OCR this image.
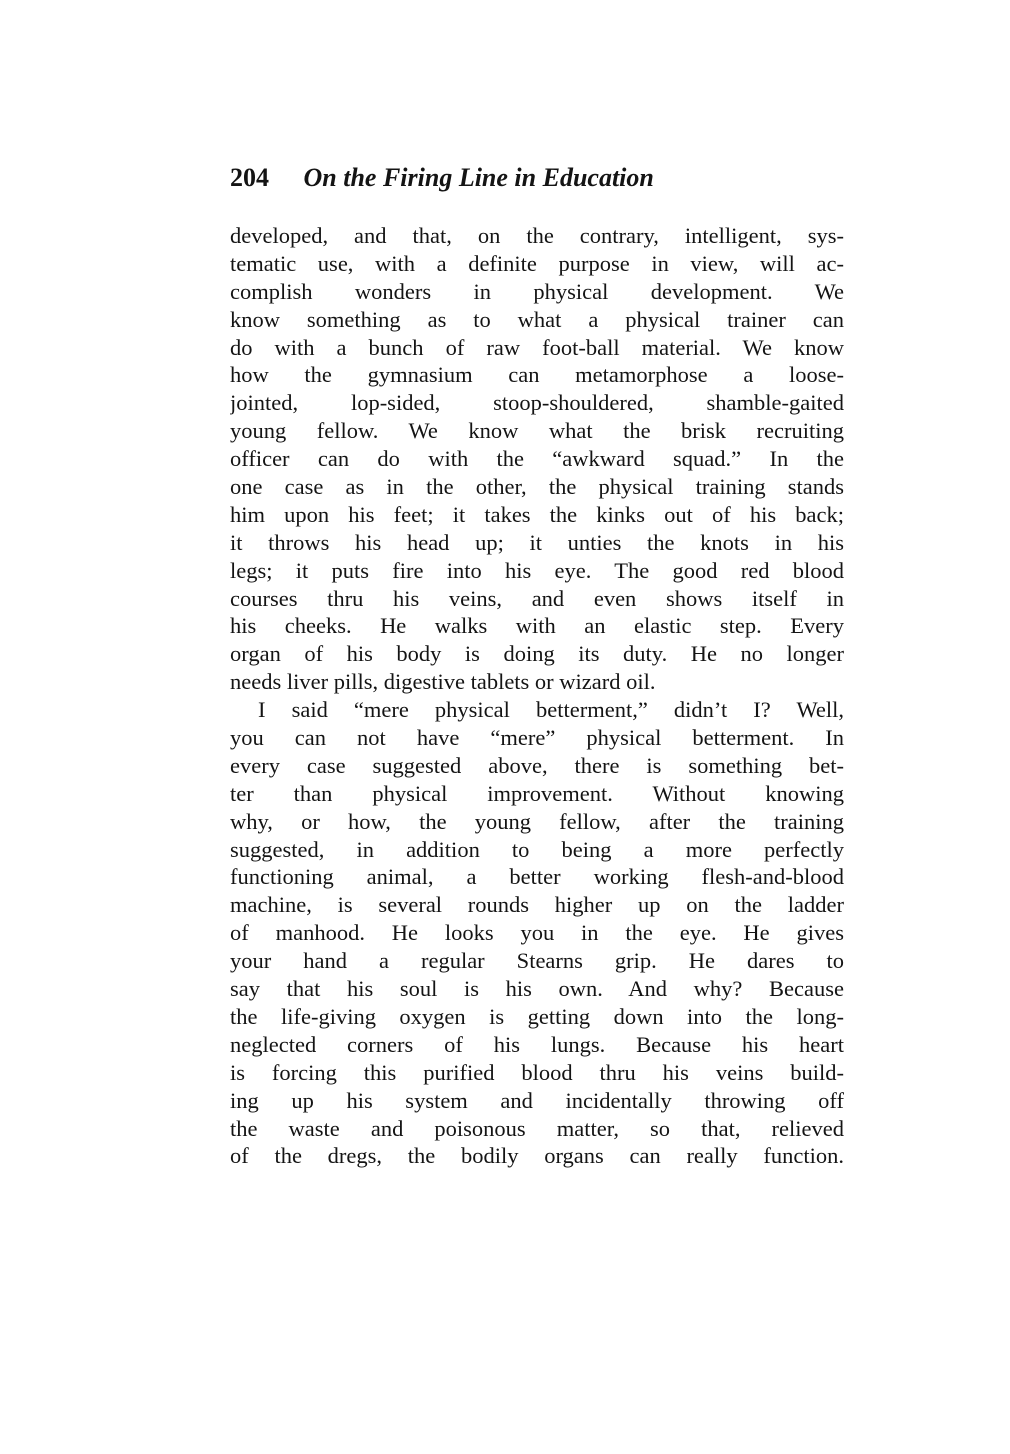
204 On the Firing Line in Education
developed, and that, on the contrary, intelligent, sys-
tematic use, with a definite purpose in view, will ac-
complish wonders in physical development. We
know something as to what a physical trainer can
do with a bunch of raw foot-ball material. We know
how the gymnasium can metamorphose a loose-
jointed, lop-sided, stoop-shouldered, shamble-gaited
young fellow. We know what the brisk recruiting
officer can do with the “awkward squad.” In the
one case as in the other, the physical training stands
him upon his feet; it takes the kinks out of his back;
it throws his head up; it unties the knots in his
legs; it puts fire into his eye. The good red blood
courses thru his veins, and even shows itself in
his cheeks. He walks with an elastic step. Every
organ of his body is doing its duty. He no longer
needs liver pills, digestive tablets or wizard oil.
I said “mere physical betterment,” didn’t I? Well,
you can not have “mere” physical betterment. In
every case suggested above, there is something bet-
ter than physical improvement. Without knowing
why, or how, the young fellow, after the training
suggested, in addition to being a more perfectly
functioning animal, a better working flesh-and-blood
machine, is several rounds higher up on the ladder
of manhood. He looks you in the eye. He gives
your hand a regular Stearns grip. He dares to
say that his soul is his own. And why? Because
the life-giving oxygen is getting down into the long-
neglected corners of his lungs. Because his heart
is forcing this purified blood thru his veins build-
ing up his system and incidentally throwing off
the waste and poisonous matter, so that, relieved
of the dregs, the bodily organs can really function.
